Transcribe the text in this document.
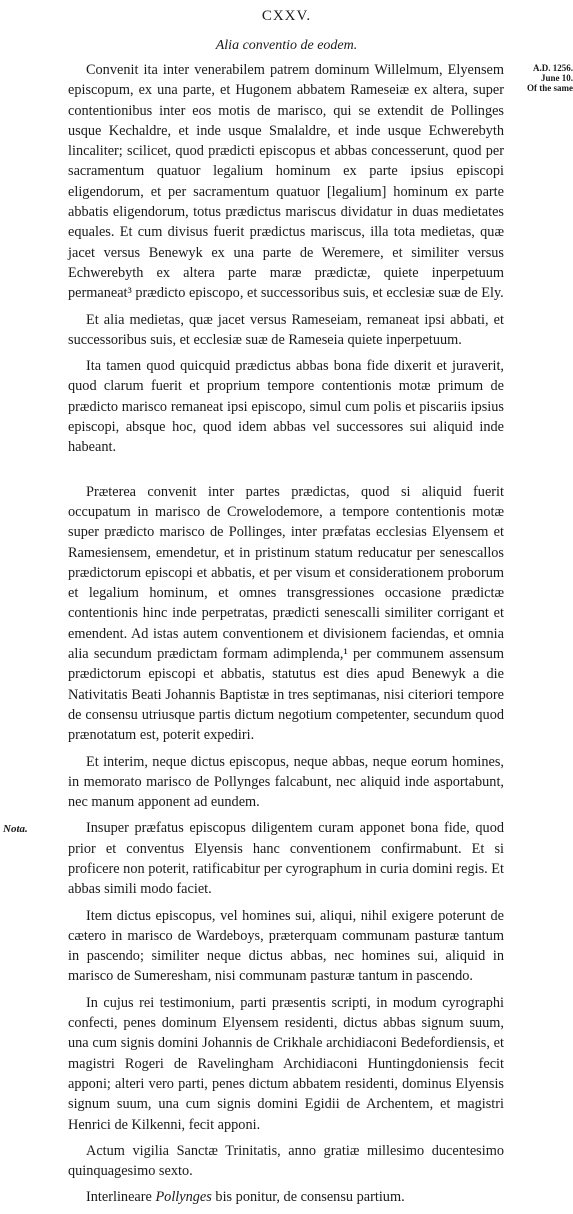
CXXV.
Alia conventio de eodem.
A.D. 1256.
June 10.
Of the same
Nota.

Convenit ita inter venerabilem patrem dominum Willelmum, Elyensem episcopum, ex una parte, et Hugonem abbatem Rameseiæ ex altera, super contentionibus inter eos motis de marisco, qui se extendit de Pollinges usque Kechaldre, et inde usque Smalaldre, et inde usque Echwerebyth lincaliter; scilicet, quod prædicti episcopus et abbas concesserunt, quod per sacramentum quatuor legalium hominum ex parte ipsius episcopi eligendorum, et per sacramentum quatuor [legalium] hominum ex parte abbatis eligendorum, totus prædictus mariscus dividatur in duas medietates equales. Et cum divisus fuerit prædictus mariscus, illa tota medietas, quæ jacet versus Benewyk ex una parte de Weremere, et similiter versus Echwerebyth ex altera parte maræ prædictæ, quiete inperpetuum permaneat³ prædicto episcopo, et successoribus suis, et ecclesiæ suæ de Ely.

Et alia medietas, quæ jacet versus Rameseiam, remaneat ipsi abbati, et successoribus suis, et ecclesiæ suæ de Rameseia quiete inperpetuum.

Ita tamen quod quicquid prædictus abbas bona fide dixerit et juraverit, quod clarum fuerit et proprium tempore contentionis motæ primum de prædicto marisco remaneat ipsi episcopo, simul cum polis et piscariis ipsius episcopi, absque hoc, quod idem abbas vel successores sui aliquid inde habeant.

Præterea convenit inter partes prædictas, quod si aliquid fuerit occupatum in marisco de Crowelodemore, a tempore contentionis motæ super prædicto marisco de Pollinges, inter præfatas ecclesias Elyensem et Ramesiensem, emendetur, et in pristinum statum reducatur per senescallos prædictorum episcopi et abbatis, et per visum et considerationem proborum et legalium hominum, et omnes transgressiones occasione prædictæ contentionis hinc inde perpetratas, prædicti senescalli similiter corrigant et emendent. Ad istas autem conventionem et divisionem faciendas, et omnia alia secundum prædictam formam adimplenda,¹ per communem assensum prædictorum episcopi et abbatis, statutus est dies apud Benewyk a die Nativitatis Beati Johannis Baptistæ in tres septimanas, nisi citeriori tempore de consensu utriusque partis dictum negotium competenter, secundum quod prænotatum est, poterit expediri.

Et interim, neque dictus episcopus, neque abbas, neque eorum homines, in memorato marisco de Pollynges falcabunt, nec aliquid inde asportabunt, nec manum apponent ad eundem.

Insuper præfatus episcopus diligentem curam apponet bona fide, quod prior et conventus Elyensis hanc conventionem confirmabunt. Et si proficere non poterit, ratificabitur per cyrographum in curia domini regis. Et abbas simili modo faciet.

Item dictus episcopus, vel homines sui, aliqui, nihil exigere poterunt de cætero in marisco de Wardeboys, præterquam communam pasturæ tantum in pascendo; similiter neque dictus abbas, nec homines sui, aliquid in marisco de Sumeresham, nisi communam pasturæ tantum in pascendo.

In cujus rei testimonium, parti præsentis scripti, in modum cyrographi confecti, penes dominum Elyensem residenti, dictus abbas signum suum, una cum signis domini Johannis de Crikhale archidiaconi Bedefordiensis, et magistri Rogeri de Ravelingham Archidiaconi Huntingdoniensis fecit apponi; alteri vero parti, penes dictum abbatem residenti, dominus Elyensis signum suum, una cum signis domini Egidii de Archentem, et magistri Henrici de Kilkenni, fecit apponi.

Actum vigilia Sanctæ Trinitatis, anno gratiæ millesimo ducentesimo quinquagesimo sexto.

Interlineare Pollynges bis ponitur, de consensu partium.
